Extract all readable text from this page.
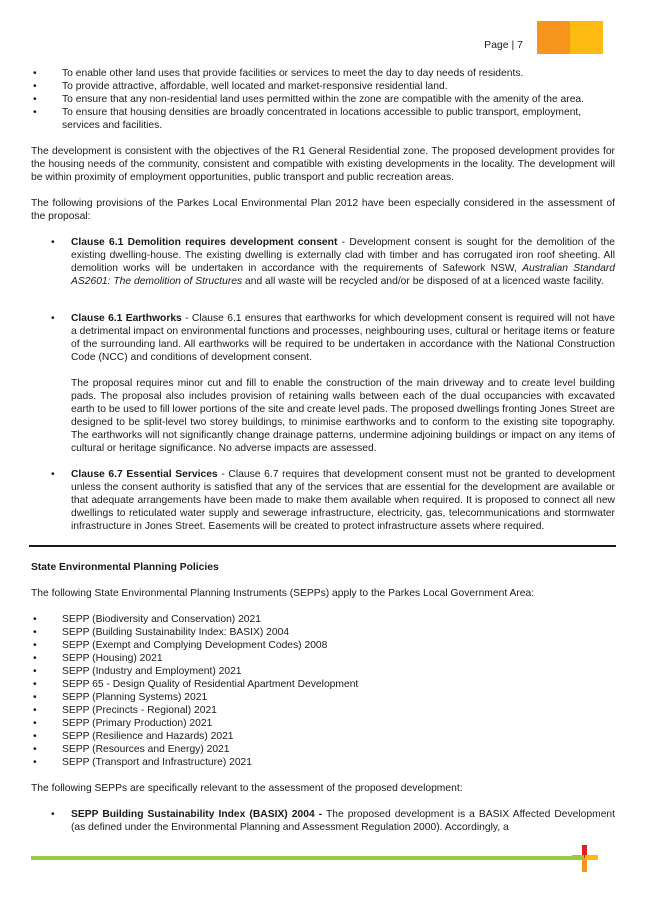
Page | 7
• To enable other land uses that provide facilities or services to meet the day to day needs of residents.
• To provide attractive, affordable, well located and market-responsive residential land.
• To ensure that any non-residential land uses permitted within the zone are compatible with the amenity of the area.
• To ensure that housing densities are broadly concentrated in locations accessible to public transport, employment, services and facilities.

The development is consistent with the objectives of the R1 General Residential zone. The proposed development provides for the housing needs of the community, consistent and compatible with existing developments in the locality. The development will be within proximity of employment opportunities, public transport and public recreation areas.

The following provisions of the Parkes Local Environmental Plan 2012 have been especially considered in the assessment of the proposal:

• Clause 6.1 Demolition requires development consent - Development consent is sought for the demolition of the existing dwelling-house. The existing dwelling is externally clad with timber and has corrugated iron roof sheeting. All demolition works will be undertaken in accordance with the requirements of Safework NSW, Australian Standard AS2601: The demolition of Structures and all waste will be recycled and/or be disposed of at a licenced waste facility.
• Clause 6.1 Earthworks - Clause 6.1 ensures that earthworks for which development consent is required will not have a detrimental impact on environmental functions and processes, neighbouring uses, cultural or heritage items or feature of the surrounding land. All earthworks will be required to be undertaken in accordance with the National Construction Code (NCC) and conditions of development consent.

The proposal requires minor cut and fill to enable the construction of the main driveway and to create level building pads. The proposal also includes provision of retaining walls between each of the dual occupancies with excavated earth to be used to fill lower portions of the site and create level pads. The proposed dwellings fronting Jones Street are designed to be split-level two storey buildings, to minimise earthworks and to conform to the existing site topography. The earthworks will not significantly change drainage patterns, undermine adjoining buildings or impact on any items of cultural or heritage significance. No adverse impacts are assessed.

• Clause 6.7 Essential Services - Clause 6.7 requires that development consent must not be granted to development unless the consent authority is satisfied that any of the services that are essential for the development are available or that adequate arrangements have been made to make them available when required. It is proposed to connect all new dwellings to reticulated water supply and sewerage infrastructure, electricity, gas, telecommunications and stormwater infrastructure in Jones Street. Easements will be created to protect infrastructure assets where required.
State Environmental Planning Policies

The following State Environmental Planning Instruments (SEPPs) apply to the Parkes Local Government Area:

• SEPP (Biodiversity and Conservation) 2021
• SEPP (Building Sustainability Index: BASIX) 2004
• SEPP (Exempt and Complying Development Codes) 2008
• SEPP (Housing) 2021
• SEPP (Industry and Employment) 2021
• SEPP 65 - Design Quality of Residential Apartment Development
• SEPP (Planning Systems) 2021
• SEPP (Precincts - Regional) 2021
• SEPP (Primary Production) 2021
• SEPP (Resilience and Hazards) 2021
• SEPP (Resources and Energy) 2021
• SEPP (Transport and Infrastructure) 2021

The following SEPPs are specifically relevant to the assessment of the proposed development:

• SEPP Building Sustainability Index (BASIX) 2004 - The proposed development is a BASIX Affected Development (as defined under the Environmental Planning and Assessment Regulation 2000). Accordingly, a
